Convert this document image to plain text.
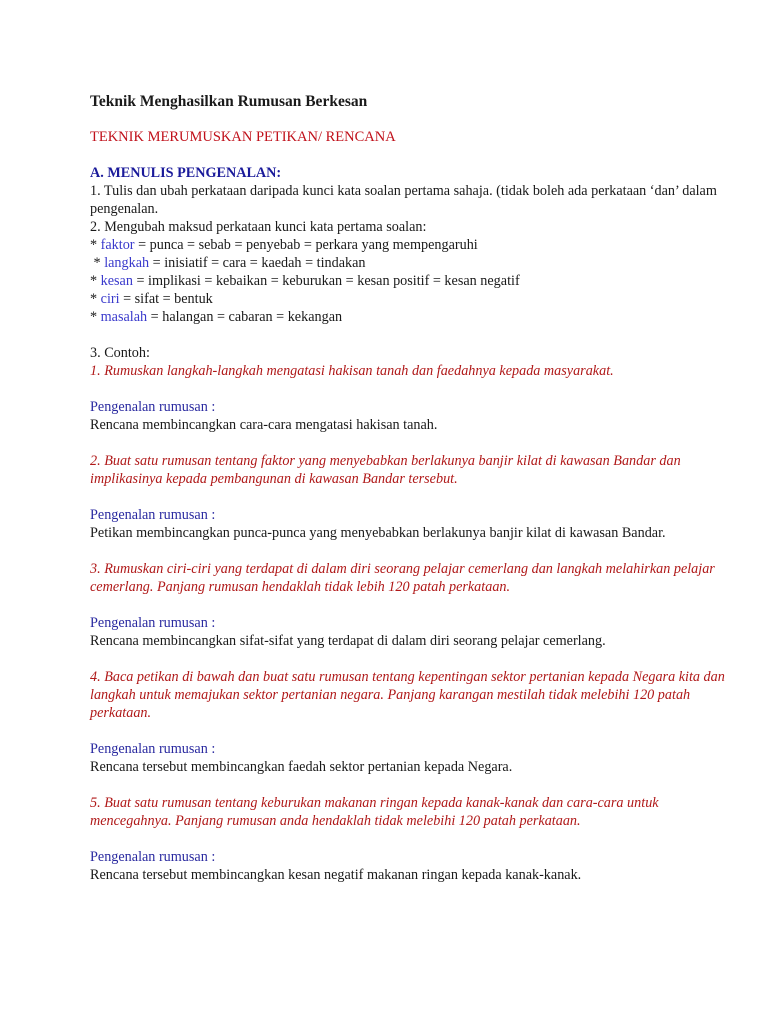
Teknik Menghasilkan Rumusan Berkesan
TEKNIK MERUMUSKAN PETIKAN/ RENCANA
A. MENULIS PENGENALAN:

1. Tulis dan ubah perkataan daripada kunci kata soalan pertama sahaja. (tidak boleh ada perkataan ‘dan’ dalam pengenalan.

2. Mengubah maksud perkataan kunci kata pertama soalan:

* faktor = punca = sebab = penyebab = perkara yang mempengaruhi

* langkah = inisiatif = cara = kaedah = tindakan

* kesan = implikasi = kebaikan = keburukan = kesan positif = kesan negatif

* ciri = sifat = bentuk

* masalah = halangan = cabaran = kekangan

3. Contoh:

1. Rumuskan langkah-langkah mengatasi hakisan tanah dan faedahnya kepada masyarakat.

Pengenalan rumusan :

Rencana membincangkan cara-cara mengatasi hakisan tanah.

2. Buat satu rumusan tentang faktor yang menyebabkan berlakunya banjir kilat di kawasan Bandar dan implikasinya kepada pembangunan di kawasan Bandar tersebut.

Pengenalan rumusan :

Petikan membincangkan punca-punca yang menyebabkan berlakunya banjir kilat di kawasan Bandar.

3. Rumuskan ciri-ciri yang terdapat di dalam diri seorang pelajar cemerlang dan langkah melahirkan pelajar cemerlang. Panjang rumusan hendaklah tidak lebih 120 patah perkataan.

Pengenalan rumusan :

Rencana membincangkan sifat-sifat yang terdapat di dalam diri seorang pelajar cemerlang.

4. Baca petikan di bawah dan buat satu rumusan tentang kepentingan sektor pertanian kepada Negara kita dan langkah untuk memajukan sektor pertanian negara. Panjang karangan mestilah tidak melebihi 120 patah perkataan.

Pengenalan rumusan :

Rencana tersebut membincangkan faedah sektor pertanian kepada Negara.

5. Buat satu rumusan tentang keburukan makanan ringan kepada kanak-kanak dan cara-cara untuk mencegahnya. Panjang rumusan anda hendaklah tidak melebihi 120 patah perkataan.

Pengenalan rumusan :

Rencana tersebut membincangkan kesan negatif makanan ringan kepada kanak-kanak.
